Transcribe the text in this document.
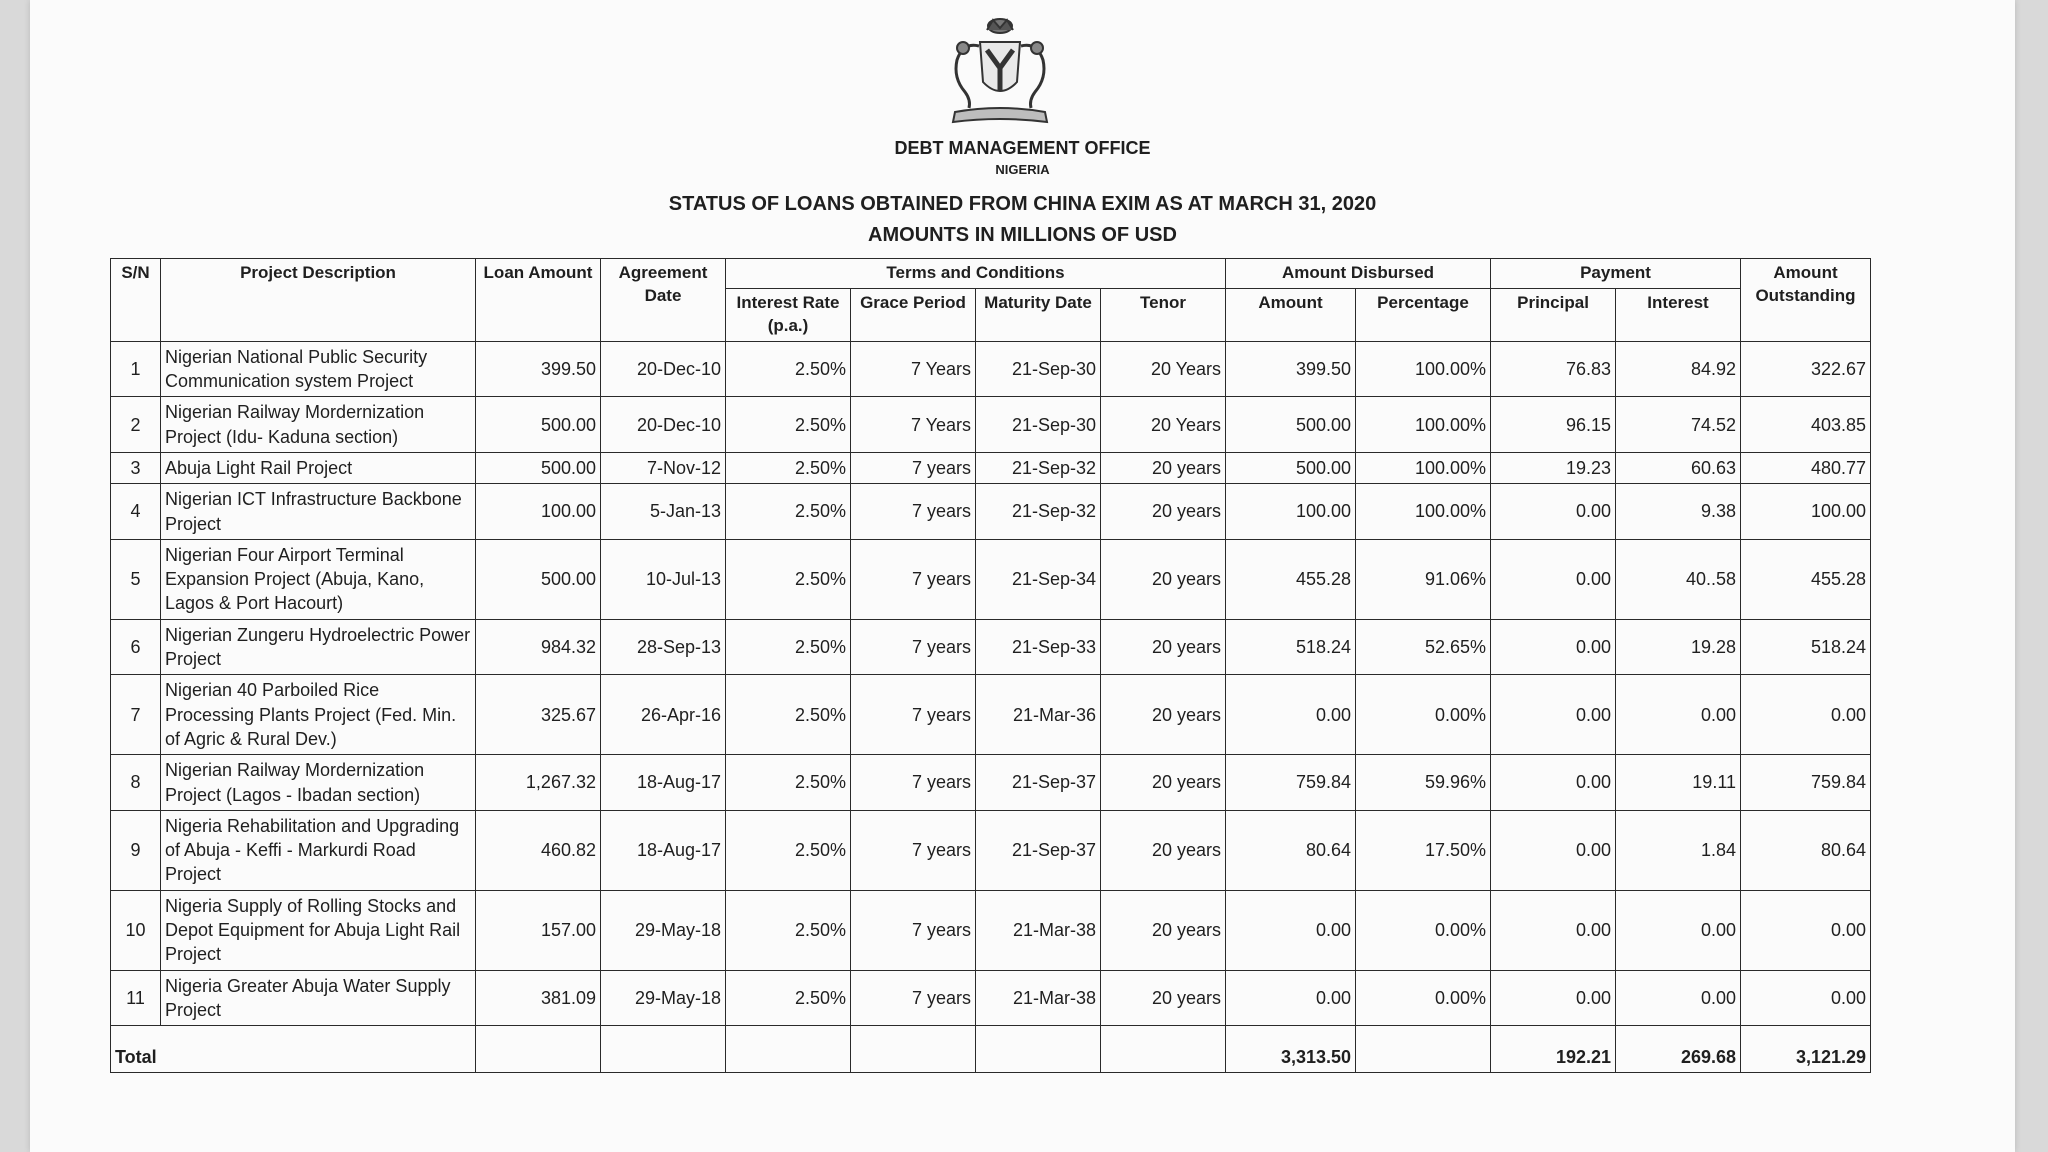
DEBT MANAGEMENT OFFICE
NIGERIA
STATUS OF LOANS OBTAINED FROM CHINA EXIM AS AT MARCH 31, 2020
AMOUNTS IN MILLIONS OF USD
S/N	Project Description	Loan Amount	Agreement Date	Terms and Conditions				Amount Disbursed		Payment		Amount Outstanding
				Interest Rate (p.a.)	Grace Period	Maturity Date	Tenor	Amount	Percentage	Principal	Interest	
1	Nigerian National Public Security Communication system Project	399.50	20-Dec-10	2.50%	7 Years	21-Sep-30	20 Years	399.50	100.00%	76.83	84.92	322.67
2	Nigerian Railway Mordernization Project (Idu- Kaduna section)	500.00	20-Dec-10	2.50%	7 Years	21-Sep-30	20 Years	500.00	100.00%	96.15	74.52	403.85
3	Abuja Light Rail Project	500.00	7-Nov-12	2.50%	7 years	21-Sep-32	20 years	500.00	100.00%	19.23	60.63	480.77
4	Nigerian ICT Infrastructure Backbone Project	100.00	5-Jan-13	2.50%	7 years	21-Sep-32	20 years	100.00	100.00%	0.00	9.38	100.00
5	Nigerian Four Airport Terminal Expansion Project (Abuja, Kano, Lagos & Port Hacourt)	500.00	10-Jul-13	2.50%	7 years	21-Sep-34	20 years	455.28	91.06%	0.00	40..58	455.28
6	Nigerian Zungeru Hydroelectric Power Project	984.32	28-Sep-13	2.50%	7 years	21-Sep-33	20 years	518.24	52.65%	0.00	19.28	518.24
7	Nigerian 40 Parboiled Rice Processing Plants Project (Fed. Min. of Agric & Rural Dev.)	325.67	26-Apr-16	2.50%	7 years	21-Mar-36	20 years	0.00	0.00%	0.00	0.00	0.00
8	Nigerian Railway Mordernization Project (Lagos - Ibadan section)	1,267.32	18-Aug-17	2.50%	7 years	21-Sep-37	20 years	759.84	59.96%	0.00	19.11	759.84
9	Nigeria Rehabilitation and Upgrading of Abuja - Keffi - Markurdi Road Project	460.82	18-Aug-17	2.50%	7 years	21-Sep-37	20 years	80.64	17.50%	0.00	1.84	80.64
10	Nigeria Supply of Rolling Stocks and Depot Equipment for Abuja Light Rail Project	157.00	29-May-18	2.50%	7 years	21-Mar-38	20 years	0.00	0.00%	0.00	0.00	0.00
11	Nigeria Greater Abuja Water Supply Project	381.09	29-May-18	2.50%	7 years	21-Mar-38	20 years	0.00	0.00%	0.00	0.00	0.00
Total								3,313.50		192.21	269.68	3,121.29
